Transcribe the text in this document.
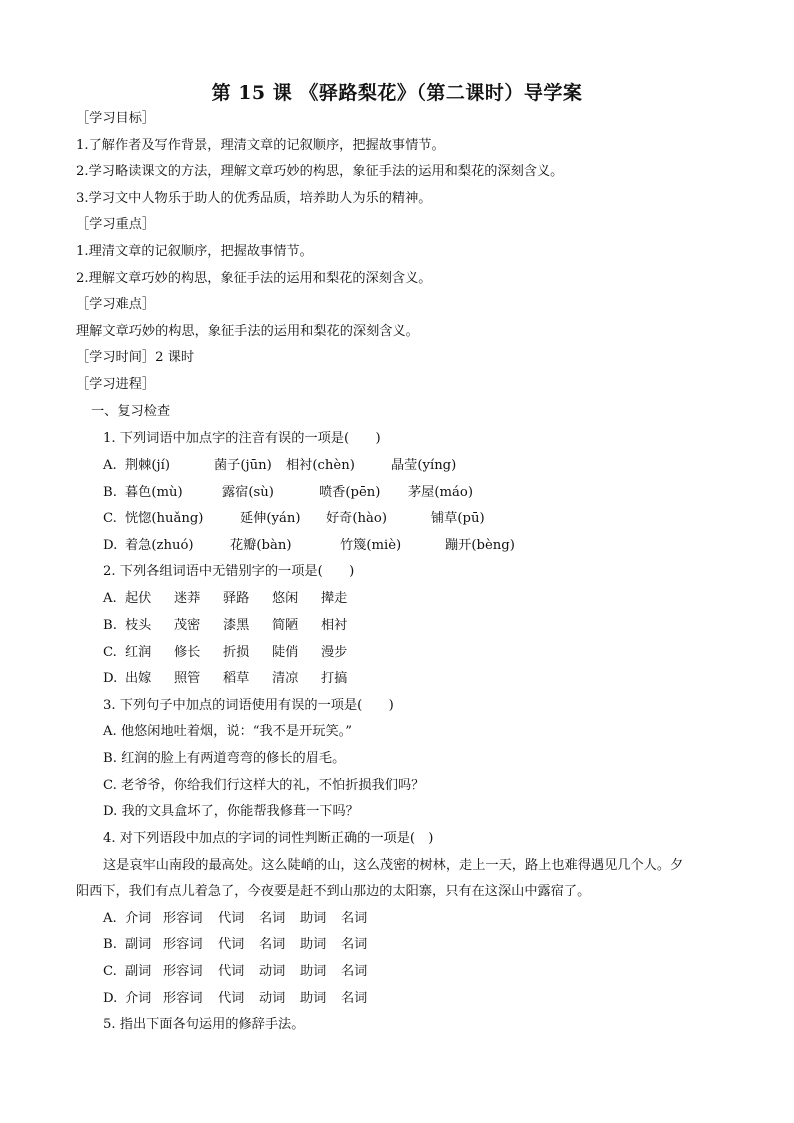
第 15 课 《驿路梨花》（第二课时）导学案
［学习目标］
1.了解作者及写作背景，理清文章的记叙顺序，把握故事情节。
2.学习略读课文的方法，理解文章巧妙的构思，象征手法的运用和梨花的深刻含义。
3.学习文中人物乐于助人的优秀品质，培养助人为乐的精神。
［学习重点］
1.理清文章的记叙顺序，把握故事情节。
2.理解文章巧妙的构思，象征手法的运用和梨花的深刻含义。
［学习难点］
理解文章巧妙的构思，象征手法的运用和梨花的深刻含义。
［学习时间］2 课时
［学习进程］
一、复习检查
1. 下列词语中加点字的注音有误的一项是(　　)
A. 荆棘(jí)	菌子(jūn) 相衬(chèn)	晶莹(yíng)
B. 暮色(mù)	露宿(sù)	喷香(pēn) 茅屋(máo)
C. 恍惚(huǎng)	延伸(yán) 好奇(hào)	铺草(pū)
D. 着急(zhuó)	花瓣(bàn)	竹篾(miè)	蹦开(bèng)
2. 下列各组词语中无错别字的一项是(　　)
A. 起伏 迷莽 驿路 悠闲 撵走
B. 枝头 茂密 漆黑 简陋 相衬
C. 红润 修长 折损 陡俏 漫步
D. 出嫁 照管 稻草 清凉 打搞
3. 下列句子中加点的词语使用有误的一项是(　　)
A. 他悠闲地吐着烟，说：“我不是开玩笑。”
B. 红润的脸上有两道弯弯的修长的眉毛。
C. 老爷爷，你给我们行这样大的礼，不怕折损我们吗？
D. 我的文具盒坏了，你能帮我修葺一下吗？
4. 对下列语段中加点的字词的词性判断正确的一项是(　)
这是哀牢山南段的最高处。这么陡峭的山，这么茂密的树林，走上一天，路上也难得遇见几个人。夕
阳西下，我们有点儿着急了，今夜要是赶不到山那边的太阳寨，只有在这深山中露宿了。
A. 介词 形容词 代词 名词 助词 名词
B. 副词 形容词 代词 名词 助词 名词
C. 副词 形容词 代词 动词 助词 名词
D. 介词 形容词 代词 动词 助词 名词
5. 指出下面各句运用的修辞手法。
